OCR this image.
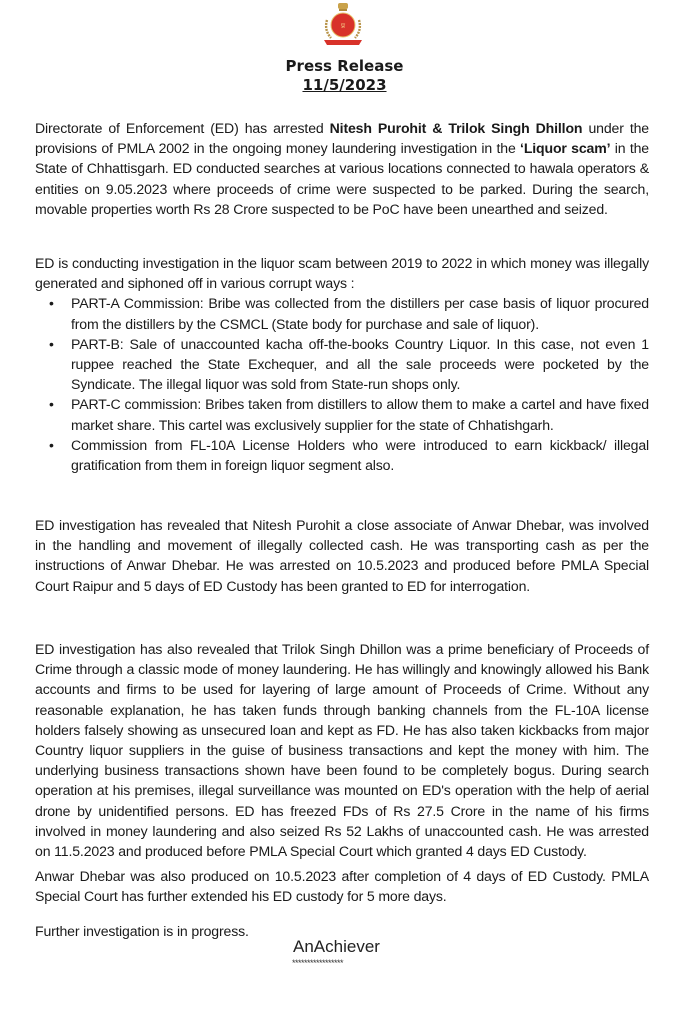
प्र
Press Release
11/5/2023
Directorate of Enforcement (ED) has arrested Nitesh Purohit & Trilok Singh Dhillon under the provisions of PMLA 2002 in the ongoing money laundering investigation in the ‘Liquor scam’ in the State of Chhattisgarh. ED conducted searches at various locations connected to hawala operators & entities on 9.05.2023 where proceeds of crime were suspected to be parked. During the search, movable properties worth Rs 28 Crore suspected to be PoC have been unearthed and seized.
ED is conducting investigation in the liquor scam between 2019 to 2022 in which money was illegally generated and siphoned off in various corrupt ways :
• PART-A Commission: Bribe was collected from the distillers per case basis of liquor procured from the distillers by the CSMCL (State body for purchase and sale of liquor).
• PART-B: Sale of unaccounted kacha off-the-books Country Liquor. In this case, not even 1 ruppee reached the State Exchequer, and all the sale proceeds were pocketed by the Syndicate. The illegal liquor was sold from State-run shops only.
• PART-C commission: Bribes taken from distillers to allow them to make a cartel and have fixed market share. This cartel was exclusively supplier for the state of Chhatishgarh.
• Commission from FL-10A License Holders who were introduced to earn kickback/ illegal gratification from them in foreign liquor segment also.
ED investigation has revealed that Nitesh Purohit a close associate of Anwar Dhebar, was involved in the handling and movement of illegally collected cash. He was transporting cash as per the instructions of Anwar Dhebar. He was arrested on 10.5.2023 and produced before PMLA Special Court Raipur and 5 days of ED Custody has been granted to ED for interrogation.
ED investigation has also revealed that Trilok Singh Dhillon was a prime beneficiary of Proceeds of Crime through a classic mode of money laundering. He has willingly and knowingly allowed his Bank accounts and firms to be used for layering of large amount of Proceeds of Crime. Without any reasonable explanation, he has taken funds through banking channels from the FL-10A license holders falsely showing as unsecured loan and kept as FD. He has also taken kickbacks from major Country liquor suppliers in the guise of business transactions and kept the money with him. The underlying business transactions shown have been found to be completely bogus. During search operation at his premises, illegal surveillance was mounted on ED's operation with the help of aerial drone by unidentified persons. ED has freezed FDs of Rs 27.5 Crore in the name of his firms involved in money laundering and also seized Rs 52 Lakhs of unaccounted cash. He was arrested on 11.5.2023 and produced before PMLA Special Court which granted 4 days ED Custody.
Anwar Dhebar was also produced on 10.5.2023 after completion of 4 days of ED Custody. PMLA Special Court has further extended his ED custody for 5 more days.
Further investigation is in progress.
AnAchiever
*****************
